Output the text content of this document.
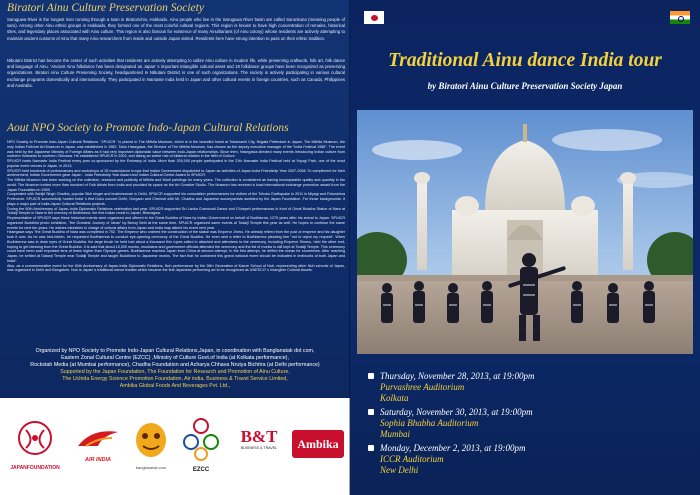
Biratori Ainu Culture Preservation Society

Saruguwa River is the longest river running through a town in Biratorichio, Hokkaido. Ainu people who live in the Saruguwa River basin are called Sarunkuna (meaning people of saru). Among other Ainu ethnic groups in Hokkaido, they formed one of the most colorful cultural regions. This region is known to have high concentration of remains, historical sites, and legendary places associated with Ainu culture. This region is also famous for existence of many Ainulitarians (of Ainu colony) whose residents are actively attempting to maintain ancient customs of Ainu that many Ainu researchers from inside and outside Japan visited. Residents here have strong intention to pass on their ethnic tradition.

Nibutani District has become the center of such activities that residents are actively attempting to utilize Ainu culture in modern life, while preserving craftwork, folk art, folk dance and language of Ainu. 'Ancient Ainu folkdance has been designated as Japan' s important intangible cultural asset and 19 folkdance groups have been recognized as preserving organizations. Biratori Ainu Culture Preserving Society, headquartered in Nibutani District is one of such organizations. The society is actively participating in various cultural exchange programs domestically and internationally. They participated in Namaste India held in Japan and other cultural events in foreign countries, such as Canada, Philippines and Australia.

Aout NPO Society to Promote Indo-Japan Cultural Relations

NPO Society to Promote Indo-Japan Cultural Relations ' SPUICR ' is placed in The Mithila Museum, which is in the beautiful forest at Tokamachi City, Niigata Prefecture in Japan. The Mithila Museum, the only Indian Folklore Art Museum in Japan, was established in 1982. Tokio Hasegawa, the Director of The Mithila Museum, has chosen as the deputy executive manager of the "India Festival 1988". The event was held by the Japanese Ministry of Foreign Affairs as it had very important diplomatic value between Indo-Japan relationships. Since then, Hasegawa directed many events introducing Indian culture from northern Hokkaido to southern Okinawa. He established SPUICR in 2002, and taking an active role of bilateral relation in the field of Culture.

SPUICR hosts Namaste India Festival every year co-sponsored by the Embassy of India. More than 200,000 people participated in the 21th Namaste India Festival held at Yoyogi Park, one of the most popular event venues in Japan, in 2013.

SPUICR held hundreds of performances and workshops of 25 music/dance troups that Indian Government dispatched to Japan as activities of Japan-India Friendship Year 2007-2008. To compliment for their achievement, Indian Government gave Japan - India Friendship Year Award and Indian Cultural Center Award to SPUICR.

The Mithila Museum has been working on the collection, research and publicity of Mithila and Warli paintings for many years. The collection is considered as having incomparable quality and quantity in the world. The Museum invited more than hundred of Folk Artists from India and provided its space as the Art Creative Studio. The Museum has received a local international exchange promotion award from the Japan Foundation in 1999.

Cooperated with Sahijit Singh Chadha, popular Sikh singer and businessman in Delhi, SPUICR supported his consolation performances for victims of the Tohoku Earthquake in 2011 in Miyagi and Fukushima Prefecture. SPUICR successfully hosted India' s first Doku concert Delhi, Gurgaon and Chennai with Mr. Chadha and Japanese accompanists assisted by the Japan Foundation. For those backgrounds, it plays a major part of India-Japan Cultural Relations projects.

During the 60th Anniversary of Japan-India Diplomatic Relations celebration last year, SPUICR supported Sri Lanka Chamundi Dance and Chhapeli performances in front of Great Buddha Statue of Nara at Todaiji Temple in Nara in the memory of Bodhisena, the first Indian monk to Japan. Bhavagwa.

Representative of SPUICR says these historical events were organized and offered to the Great Buddha of Nara by Indian Government on behalf of Bodhisena, 1275 years after his arrival to Japan. SPUICR organized Buddhist photo exhibition, "the Greatest Journey of Ideas" by Benoy Behl at the same time. SPUICR organized same events at Todaiji Temple this year as well. He hopes to continue the same events for next ten years. He wishes ministries in charge of cultural affairs from Japan and India may attend his event next year.

Hasegawa says "the Great Buddha of Nara was completed in 752. The Emperor who ordered the construction of the statue was Emperor Jinmu. He already retired from the post of emperor and his daughter took it over. As he was bed-ridden, he requested Bodhisenna to conduct eye-opening ceremony of the Great Buddha. He even sent a letter to Bodhisenna pleading him "not to reject my request". When Bodhisenna was to draw eyes of Great Buddha, the large brush he held had about a thousand thin ropes called io attached and attendees to the ceremony, including Emperor Shomu, held the other end, hoping to get blessing from the Great Buddha. It is said that about 10,000 monks, musicians and government officials attended the ceremony and the list of monks is still kept at Todaiji Temple. This ceremony could have been said important tens of times higher than Olympic games. Bodhisenna reached Japan from China at second attempt. In the first attempt, he drifted the ocean for sometimes. After reaching Japan, he settled at Daianji Temple near Todaiji Temple and taught Buddhism to Japanese monks. The fact that he contained this grand national event should be indicated in textbooks of both Japan and India".

Also, as a commemorative event for the 60th Anniversary of Japan-India Diplomatic Relations, Noh performance by the 26th Generation of Kanze School of Noh, representing other Noh schools of Japan, was organized in Delhi and Bangalore. Noh is Japan' s traditional dance theater which became the first Japanese performing art to be recognized as UNESCO' s Intangible Cultural Assets.

Organized by NPO Society to Promote Indo-Japan Cultural Relations,Japan, in coordination with Banglanatak dot com,

Eastern Zonal Cultural Centre (EZCC) ,Ministry of Culture Govt.of India (at Kolkata performance),

Rockstah Media (at Mumbai performance), Chadha Foundation and Acharya Chhava Nrutya Bichitra (at Delhi performance)

Supported by the Japan Foundation, The Foundation for Research and Promotion of Ainu Culture,

The Uchida Energy Science Promotion Foundation, Air india, Business & Travel Service Limited,

Ambika Global Foods And Beverages Pvt. Ltd.,

JAPANFOUNDATION
AIR INDIA
banglanatak.com	EZCC
B&T
BUSINESS & TRAVEL	Ambika
Traditional Ainu dance India tour
by Biratori Ainu Culture Preservation Society Japan
Thursday, November 28, 2013, at 19:00pm
Purvashree Auditorium
Kolkata
Saturday, November 30, 2013, at 19:00pm
Sophia Bhabha Auditorium
Mumbai
Monday, December 2, 2013, at 19:00pm
ICCR Auditorium
New Delhi
